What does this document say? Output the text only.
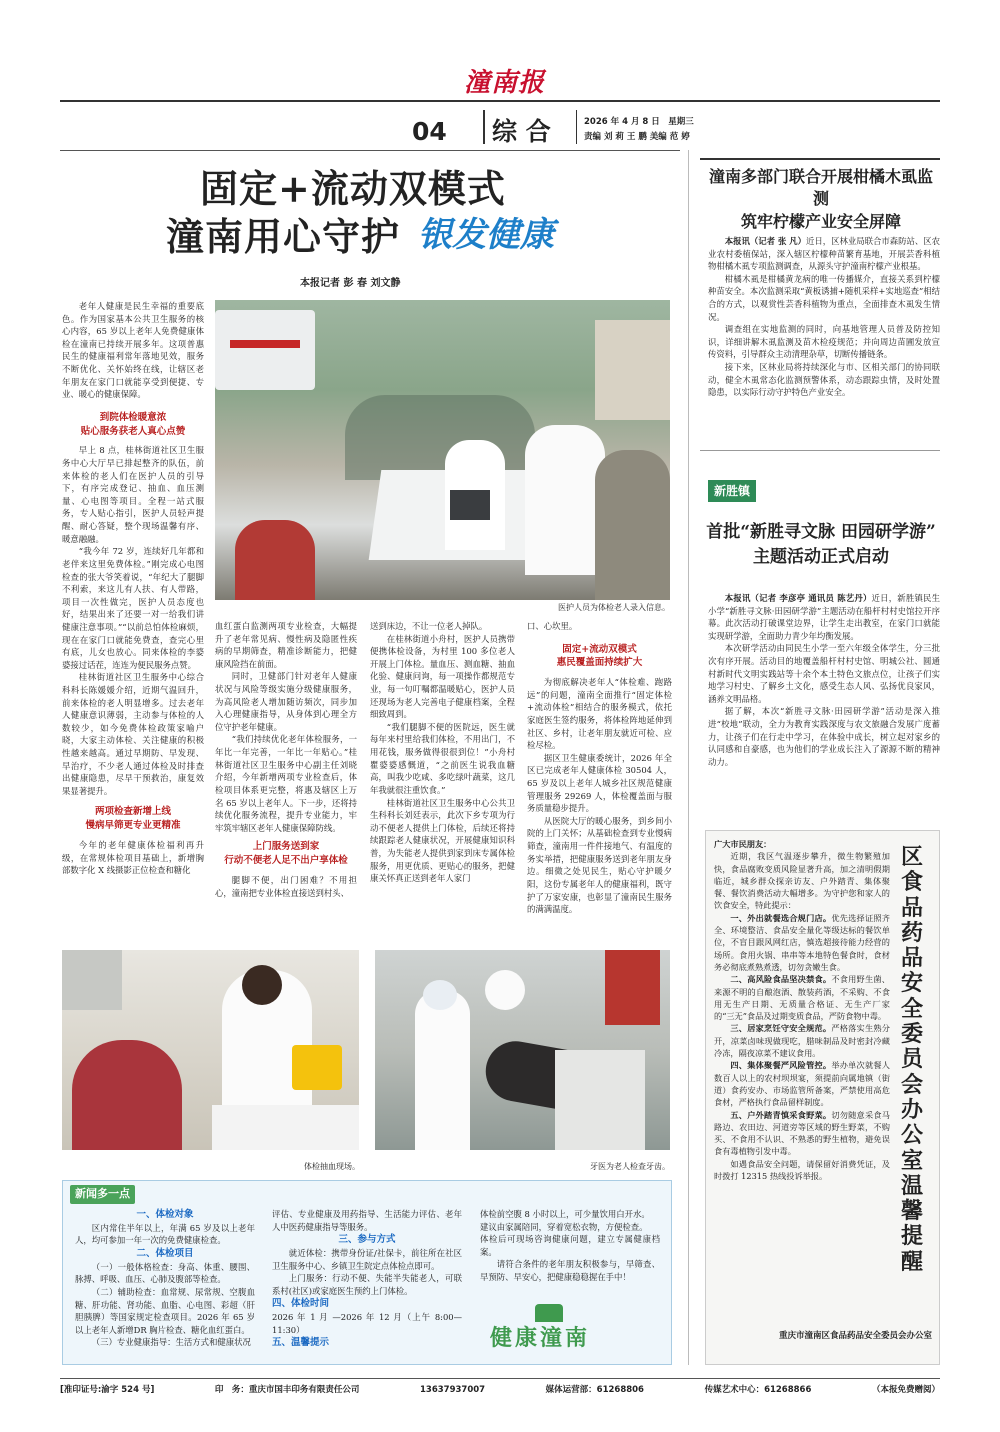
潼南报
04 综 合	2026 年 4 月 8 日　星期三
责编 刘 莉 王 鹏 美编 范 婷
固定+流动双模式
潼南用心守护 银发健康
本报记者 彭 春 刘文静
医护人员为体检老人录入信息。

老年人健康是民生幸福的重要底色。作为国家基本公共卫生服务的核心内容，65 岁以上老年人免费健康体检在潼南已持续开展多年。这项普惠民生的健康福利常年落地见效，服务不断优化、关怀始终在线，让辖区老年朋友在家门口就能享受到便捷、专业、暖心的健康保障。

到院体检暖意浓
贴心服务获老人真心点赞

早上 8 点，桂林街道社区卫生服务中心大厅早已排起整齐的队伍，前来体检的老人们在医护人员的引导下，有序完成登记、抽血、血压测量、心电图等项目。全程一站式服务，专人贴心指引，医护人员轻声提醒、耐心答疑，整个现场温馨有序、暖意融融。

“我今年 72 岁，连续好几年都和老伴来这里免费体检。”刚完成心电图检查的张大爷笑着说，“年纪大了腿脚不利索，来这儿有人扶、有人带路，项目一次性做完，医护人员态度也好，结果出来了还要一对一给我们讲健康注意事项。”“以前总怕体检麻烦，现在在家门口就能免费查，查完心里有底，儿女也放心。同来体检的李婆婆接过话茬，连连为便民服务点赞。

桂林街道社区卫生服务中心综合科科长陈媛媛介绍，近期气温回升，前来体检的老人明显增多。过去老年人健康意识薄弱，主动参与体检的人数较少，如今免费体检政策家喻户晓，大家主动体检、关注健康的积极性越来越高。通过早期防、早发现、早治疗，不少老人通过体检及时排查出健康隐患，尽早干预救治，康复效果显著提升。

两项检查新增上线
慢病早筛更专业更精准

今年的老年健康体检福利再升级，在常规体检项目基础上，新增胸部数字化 X 线摄影正位检查和糖化

血红蛋白监测两项专业检查，大幅提升了老年常见病、慢性病及隐匿性疾病的早期筛查，精准诊断能力，把健康风险挡在前面。

同时，卫健部门针对老年人健康状况与风险等级实施分级健康服务，为高风险老人增加随访频次，同步加入心理健康指导，从身体到心理全方位守护老年健康。

“我们持续优化老年体检服务，一年比一年完善，一年比一年贴心。”桂林街道社区卫生服务中心副主任刘晓介绍，今年新增两项专业检查后，体检项目体系更完整，将惠及辖区上万名 65 岁以上老年人。下一步，还将持续优化服务流程，提升专业能力，牢牢筑牢辖区老年人健康保障防线。

上门服务送到家
行动不便老人足不出户享体检

腿脚不便，出门困难？不用担心，潼南把专业体检直接送到村头、

送到床边，不让一位老人掉队。

在桂林街道小舟村，医护人员携带便携体检设备，为村里 100 多位老人开展上门体检。量血压、测血糖、抽血化验、健康问询，每一项操作都规范专业，每一句叮嘱都温暖贴心，医护人员还现场为老人完善电子健康档案，全程细致周到。

“我们腿脚不便的医院远，医生就每年来村里给我们体检，不用出门，不用花钱，服务做得很很到位！”小舟村瞿婆婆感慨道，“之前医生说我血糖高，叫我少吃咸、多吃绿叶蔬菜，这几年我就很注重饮食。”

桂林街道社区卫生服务中心公共卫生科科长刘廷表示，此次下乡专项为行动不便老人提供上门体检，后续还将持续跟踪老人健康状况，开展健康知识科普，为失能老人提供到家到床专属体检服务，用更优质、更贴心的服务，把健康关怀真正送到老年人家门

口、心坎里。

固定+流动双模式
惠民覆盖面持续扩大

为彻底解决老年人“体检难、跑路远”的问题，潼南全面推行“固定体检+流动体检”相结合的服务模式，依托家庭医生签约服务，将体检阵地延伸到社区、乡村，让老年朋友就近可检、应检尽检。

据区卫生健康委统计，2026 年全区已完成老年人健康体检 30504 人，65 岁及以上老年人城乡社区规范健康管理服务 29269 人，体检覆盖面与服务质量稳步提升。

从医院大厅的暖心服务，到乡间小院的上门关怀；从基础检查到专业慢病筛查，潼南用一件件接地气、有温度的务实举措，把健康服务送到老年朋友身边。细微之处见民生，贴心守护暖夕阳，这份专属老年人的健康福利，既守护了万家安康，也彰显了潼南民生服务的满满温度。

体检抽血现场。	牙医为老人检查牙齿。
新闻多一点
一、体检对象

区内常住半年以上，年满 65 岁及以上老年人，均可参加一年一次的免费健康检查。

二、体检项目

（一）一般体格检查：身高、体重、腰围、脉搏、呼吸、血压、心肺及腹部等检查。

（二）辅助检查：血常规、尿常规、空腹血糖、肝功能、肾功能、血脂、心电图、彩超（肝胆胰脾）等国家规定检查项目。2026 年 65 岁以上老年人新增DR 胸片检查、糖化血红蛋白。

（三）专业健康指导：生活方式和健康状况

评估、专业健康及用药指导、生活能力评估、老年人中医药健康指导等服务。

三、参与方式

就近体检：携带身份证/社保卡，前往所在社区卫生服务中心、乡镇卫生院定点体检点即可。

上门服务：行动不便、失能半失能老人，可联系村(社区)或家庭医生预约上门体检。

四、体检时间

2026 年 1 月 —2026 年 12 月（上午 8:00—11:30）

五、温馨提示

体检前空腹 8 小时以上，可少量饮用白开水。

建议由家属陪同，穿着宽松衣物，方便检查。

体检后可现场咨询健康问题，建立专属健康档案。

请符合条件的老年朋友积极参与，早筛查、早预防、早安心，把健康稳稳握在手中！

健康潼南
潼南多部门联合开展柑橘木虱监测
筑牢柠檬产业安全屏障

本报讯（记者 张 凡）近日，区林业局联合市森防站、区农业农村委植保站，深入辖区柠檬种苗繁育基地，开展芸香科植物柑橘木虱专项监测调查，从源头守护潼南柠檬产业根基。

柑橘木虱是柑橘黄龙病的唯一传播媒介，直接关系到柠檬种苗安全。本次监测采取“黄板诱捕+随机采样+实地巡查”相结合的方式，以观赏性芸香科植物为重点，全面排查木虱发生情况。

调查组在实地监测的同时，向基地管理人员普及防控知识，详细讲解木虱监测及苗木检疫规范；并向周边苗圃发放宣传资料，引导群众主动清理杂草，切断传播链条。

接下来，区林业局将持续深化与市、区相关部门的协同联动，健全木虱常态化监测预警体系，动态跟踪虫情，及时处置隐患，以实际行动守护特色产业安全。

新胜镇
首批“新胜寻文脉 田园研学游”
主题活动正式启动

本报讯（记者 李彦亭 通讯员 陈艺丹）近日，新胜镇民生小学“新胜寻文脉·田园研学游”主题活动在船杆村村史馆拉开序幕。此次活动打破课堂边界，让学生走出教室，在家门口就能实现研学游，全面助力青少年均衡发展。

本次研学活动由同民生小学一至六年级全体学生，分三批次有序开展。活动目的地覆盖船杆村村史馆、明城公社、圆通村新时代文明实践站等十余个本土特色文旅点位，让孩子们实地学习村史、了解乡土文化，感受生态人风、弘扬优良家风，涵养文明品格。

据了解，本次“新胜寻文脉·田园研学游”活动是深入推进“校地”联动，全力为教育实践深度与农文旅融合发展广度蓄力，让孩子们在行走中学习，在体验中成长，树立起对家乡的认同感和自豪感，也为他们的学业成长注入了源源不断的精神动力。

区食品药品安全委员会办公室温馨提醒

广大市民朋友：

近期，我区气温逐步攀升，微生物繁殖加快，食品腐败变质风险显著升高，加之清明假期临近，城乡群众探亲访友、户外踏青、集体聚餐、餐饮消费活动大幅增多。为守护您和家人的饮食安全，特此提示：

一、外出就餐选合规门店。优先选择证照齐全、环境整洁、食品安全量化等级达标的餐饮单位，不盲目跟风网红店，慎选超接待能力经营的场所。食用火锅、串串等本地特色餐食时，食材务必彻底煮熟煮透，切勿贪嫩生食。

二、高风险食品坚决禁食。不食用野生菌、来源不明的自酿泡酒、散装药酒，不采购、不食用无生产日期、无质量合格证、无生产厂家的“三无”食品及过期变质食品，严防食物中毒。

三、居家烹饪守安全规范。严格落实生熟分开，凉菜卤味现做现吃，腊味制品及时密封冷藏冷冻，隔夜凉菜不建议食用。

四、集体聚餐严风险管控。举办单次就餐人数百人以上的农村坝坝宴，须提前向属地镇（街道）食药安办、市场监管所备案，严禁使用高危食材，严格执行食品留样制度。

五、户外踏青慎采食野菜。切勿随意采食马路边、农田边、河道旁等区域的野生野菜，不购买、不食用不认识、不熟悉的野生植物，避免误食有毒植物引发中毒。

如遇食品安全问题，请保留好消费凭证，及时拨打 12315 热线投诉举报。

重庆市潼南区食品药品安全委员会办公室
[准印证号:渝字 524 号]	印　务：重庆市国丰印务有限责任公司	13637937007	媒体运营部：61268806	传媒艺术中心：61268866	（本报免费赠阅）
